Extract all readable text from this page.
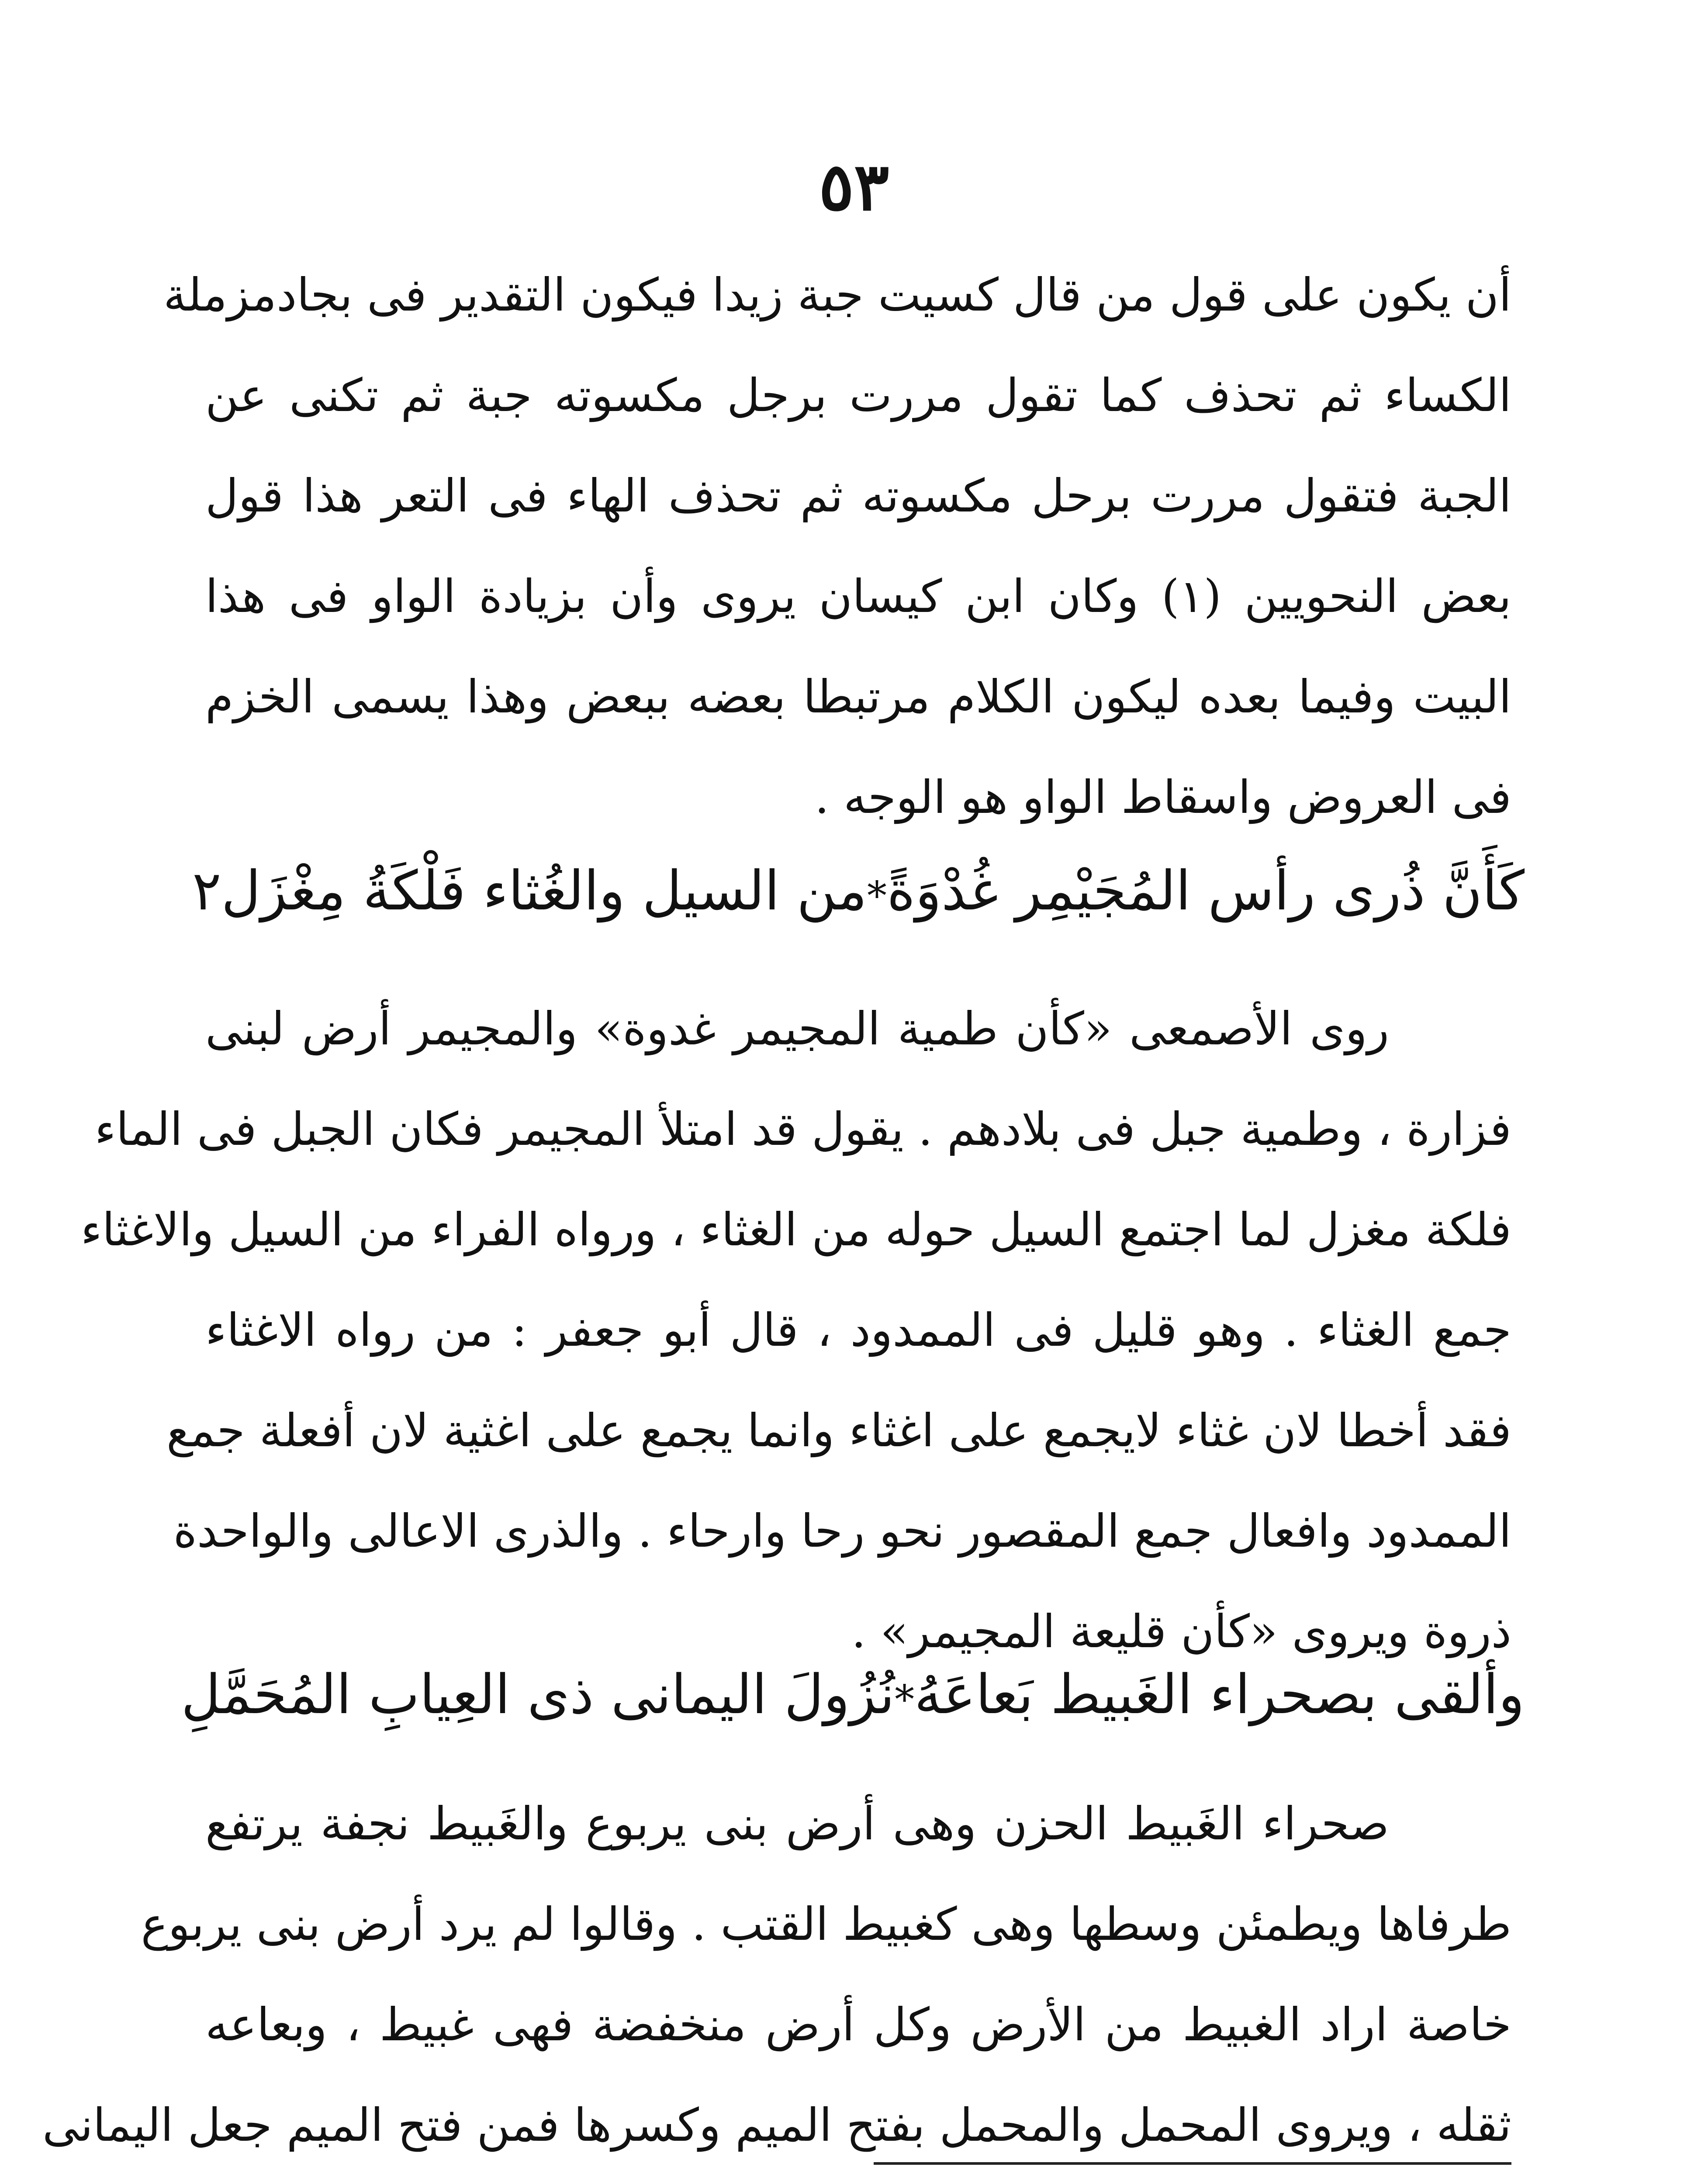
٥٣
أن يكون على قول من قال كسيت جبة زيدا فيكون التقدير فى بجادمزملة
الكساء ثم تحذف كما تقول مررت برجل مكسوته جبة ثم تكنى عن
الجبة فتقول مررت برحل مكسوته ثم تحذف الهاء فى التعر هذا قول
بعض النحويين (١) وكان ابن كيسان يروى وأن بزيادة الواو فى هذا
البيت وفيما بعده ليكون الكلام مرتبطا بعضه ببعض وهذا يسمى الخزم
فى العروض واسقاط الواو هو الوجه .
كَأَنَّ ذُرى رأس المُجَيْمِر غُدْوَةً
*
من السيل والغُثاء فَلْكَةُ مِغْزَل٢
روى الأصمعى «كأن طمية المجيمر غدوة» والمجيمر أرض لبنى
فزارة ، وطمية جبل فى بلادهم . يقول قد امتلأ المجيمر فكان الجبل فى الماء
فلكة مغزل لما اجتمع السيل حوله من الغثاء ، ورواه الفراء من السيل والاغثاء
جمع الغثاء . وهو قليل فى الممدود ، قال أبو جعفر : من رواه الاغثاء
فقد أخطا لان غثاء لايجمع على اغثاء وانما يجمع على اغثية لان أفعلة جمع
الممدود وافعال جمع المقصور نحو رحا وارحاء . والذرى الاعالى والواحدة
ذروة ويروى «كأن قليعة المجيمر» .
وألقى بصحراء الغَبيط بَعاعَهُ
*
نُزُولَ اليمانى ذى العِيابِ المُحَمَّلِ
صحراء الغَبيط الحزن وهى أرض بنى يربوع والغَبيط نجفة يرتفع
طرفاها ويطمئن وسطها وهى كغبيط القتب . وقالوا لم يرد أرض بنى يربوع
خاصة اراد الغبيط من الأرض وكل أرض منخفضة فهى غبيط ، وبعاعه
ثقله ، ويروى المحمل والمحمل بفتح الميم وكسرها فمن فتح الميم جعل اليمانى
